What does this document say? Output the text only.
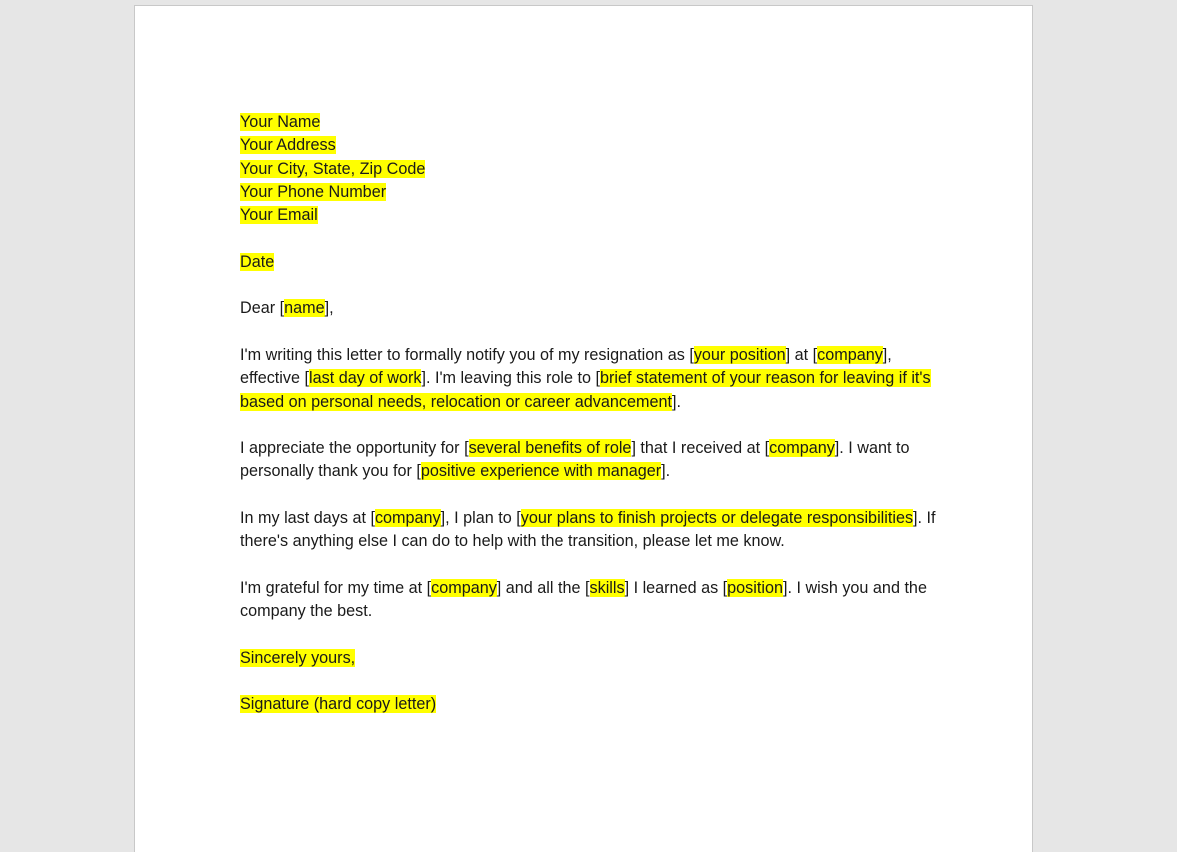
Your Name
Your Address
Your City, State, Zip Code
Your Phone Number
Your Email
Date
Dear [name],
I'm writing this letter to formally notify you of my resignation as [your position] at [company], effective [last day of work]. I'm leaving this role to [brief statement of your reason for leaving if it's based on personal needs, relocation or career advancement].
I appreciate the opportunity for [several benefits of role] that I received at [company]. I want to personally thank you for [positive experience with manager].
In my last days at [company], I plan to [your plans to finish projects or delegate responsibilities]. If there's anything else I can do to help with the transition, please let me know.
I'm grateful for my time at [company] and all the [skills] I learned as [position]. I wish you and the company the best.
Sincerely yours,
Signature (hard copy letter)
